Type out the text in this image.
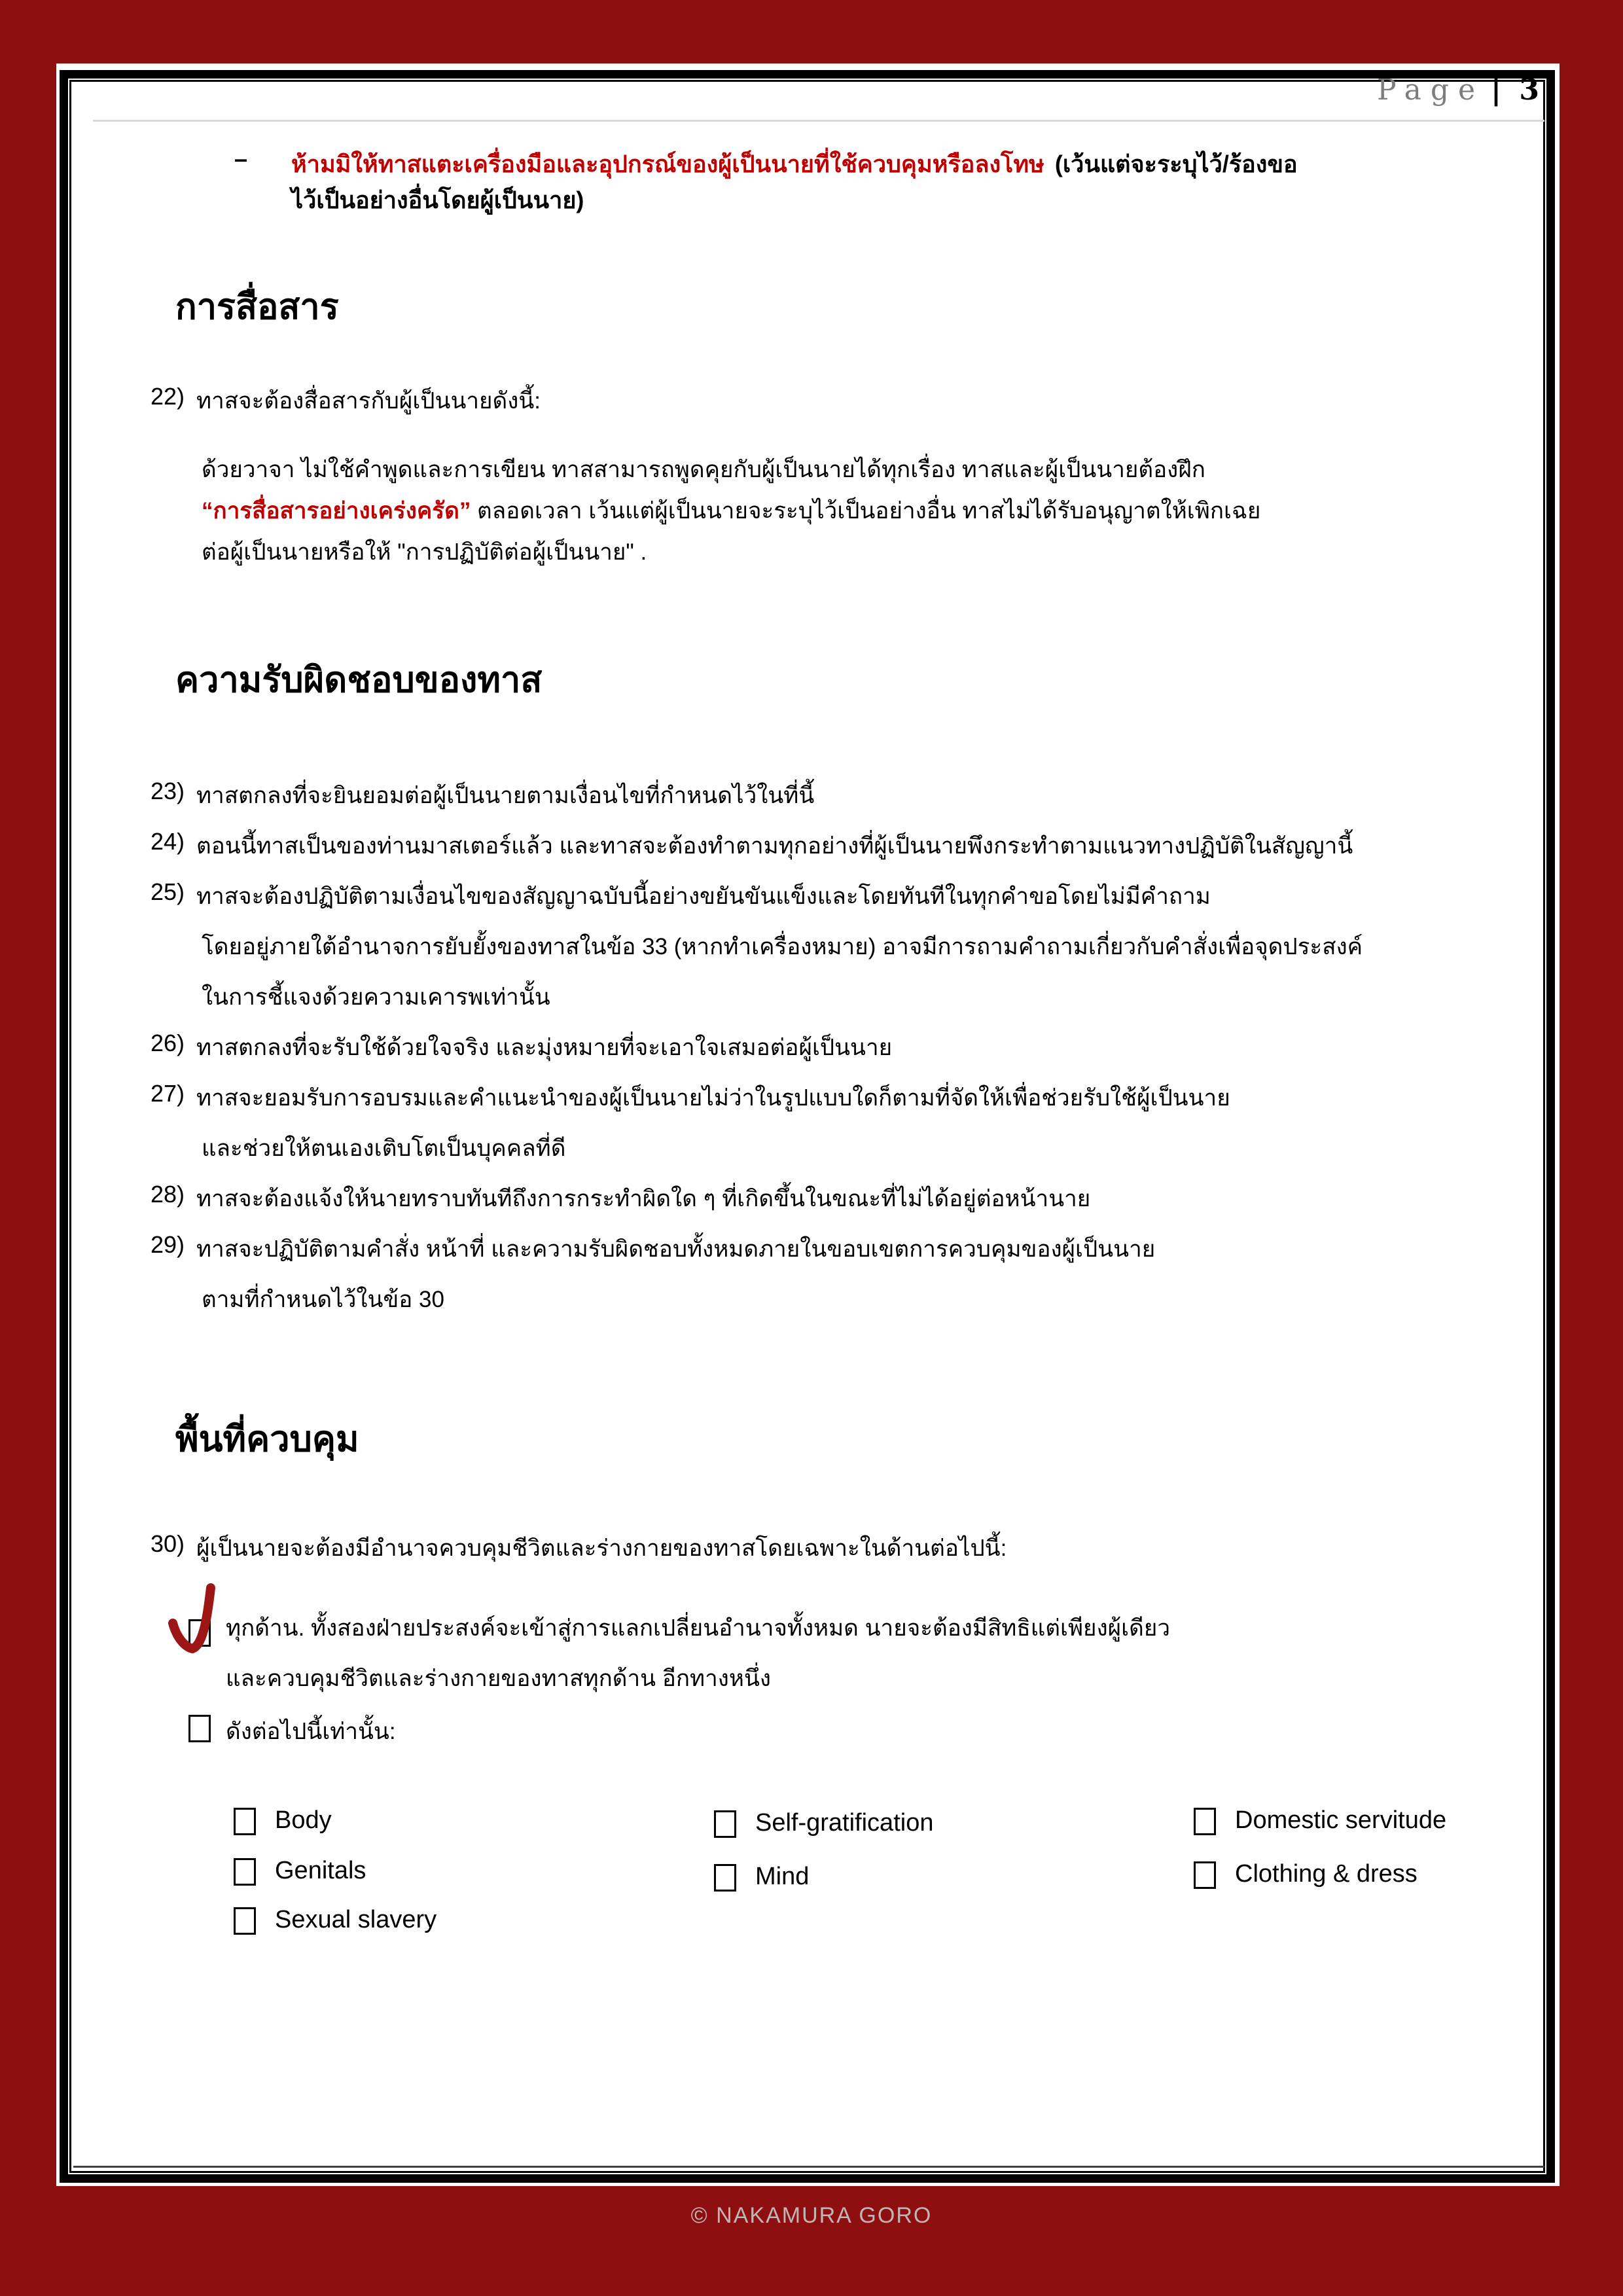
Page | 3
– ห้ามมิให้ทาสแตะเครื่องมือและอุปกรณ์ของผู้เป็นนายที่ใช้ควบคุมหรือลงโทษ (เว้นแต่จะระบุไว้/ร้องขอ
ไว้เป็นอย่างอื่นโดยผู้เป็นนาย)
การสื่อสาร
22) ทาสจะต้องสื่อสารกับผู้เป็นนายดังนี้:
ด้วยวาจา ไม่ใช้คำพูดและการเขียน ทาสสามารถพูดคุยกับผู้เป็นนายได้ทุกเรื่อง ทาสและผู้เป็นนายต้องฝึก
“การสื่อสารอย่างเคร่งครัด” ตลอดเวลา เว้นแต่ผู้เป็นนายจะระบุไว้เป็นอย่างอื่น ทาสไม่ได้รับอนุญาตให้เพิกเฉย
ต่อผู้เป็นนายหรือให้ "การปฏิบัติต่อผู้เป็นนาย" .
ความรับผิดชอบของทาส
23) ทาสตกลงที่จะยินยอมต่อผู้เป็นนายตามเงื่อนไขที่กำหนดไว้ในที่นี้
24) ตอนนี้ทาสเป็นของท่านมาสเตอร์แล้ว และทาสจะต้องทำตามทุกอย่างที่ผู้เป็นนายพึงกระทำตามแนวทางปฏิบัติในสัญญานี้
25) ทาสจะต้องปฏิบัติตามเงื่อนไขของสัญญาฉบับนี้อย่างขยันขันแข็งและโดยทันทีในทุกคำขอโดยไม่มีคำถาม
โดยอยู่ภายใต้อำนาจการยับยั้งของทาสในข้อ 33 (หากทำเครื่องหมาย) อาจมีการถามคำถามเกี่ยวกับคำสั่งเพื่อจุดประสงค์
ในการชี้แจงด้วยความเคารพเท่านั้น
26) ทาสตกลงที่จะรับใช้ด้วยใจจริง และมุ่งหมายที่จะเอาใจเสมอต่อผู้เป็นนาย
27) ทาสจะยอมรับการอบรมและคำแนะนำของผู้เป็นนายไม่ว่าในรูปแบบใดก็ตามที่จัดให้เพื่อช่วยรับใช้ผู้เป็นนาย
และช่วยให้ตนเองเติบโตเป็นบุคคลที่ดี
28) ทาสจะต้องแจ้งให้นายทราบทันทีถึงการกระทำผิดใด ๆ ที่เกิดขึ้นในขณะที่ไม่ได้อยู่ต่อหน้านาย
29) ทาสจะปฏิบัติตามคำสั่ง หน้าที่ และความรับผิดชอบทั้งหมดภายในขอบเขตการควบคุมของผู้เป็นนาย
ตามที่กำหนดไว้ในข้อ 30
พื้นที่ควบคุม
30) ผู้เป็นนายจะต้องมีอำนาจควบคุมชีวิตและร่างกายของทาสโดยเฉพาะในด้านต่อไปนี้:
ทุกด้าน. ทั้งสองฝ่ายประสงค์จะเข้าสู่การแลกเปลี่ยนอำนาจทั้งหมด นายจะต้องมีสิทธิแต่เพียงผู้เดียว
และควบคุมชีวิตและร่างกายของทาสทุกด้าน อีกทางหนึ่ง
ดังต่อไปนี้เท่านั้น:
Body
Genitals
Sexual slavery
Self-gratification
Mind
Domestic servitude
Clothing & dress
© NAKAMURA GORO
